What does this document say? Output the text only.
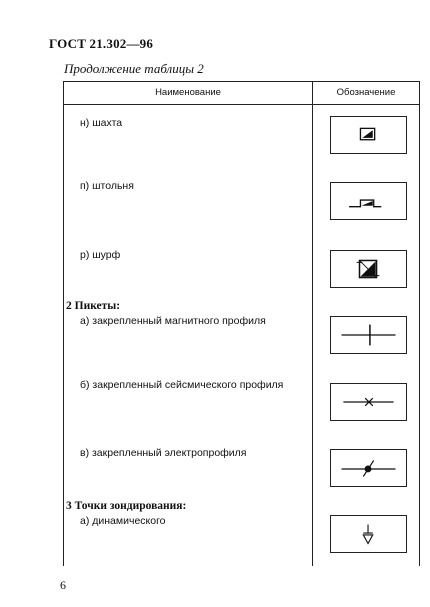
ГОСТ 21.302—96
Продолжение таблицы 2
Наименование	Обозначение
н) шахта
п) штольня
р) шурф
2 Пикеты:
а) закрепленный магнитного профиля
б) закрепленный сейсмического профиля
в) закрепленный электропрофиля
3 Точки зондирования:
а) динамического
6
